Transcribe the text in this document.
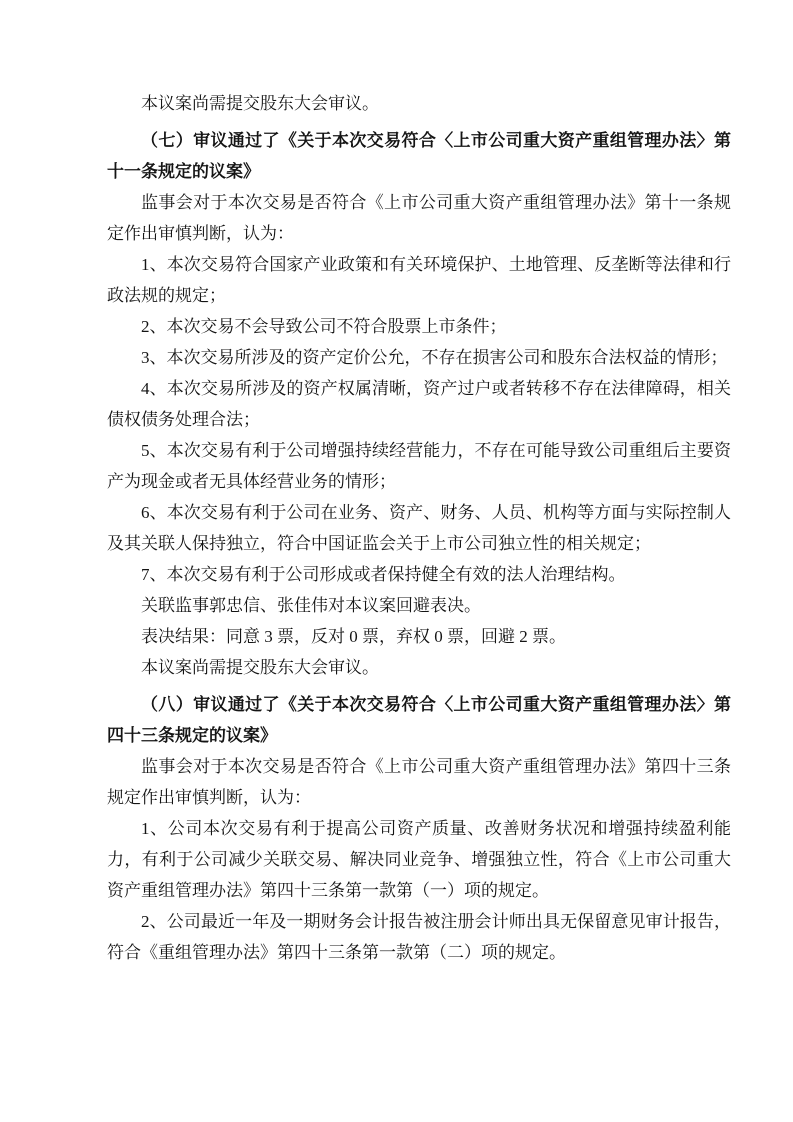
本议案尚需提交股东大会审议。

（七）审议通过了《关于本次交易符合〈上市公司重大资产重组管理办法〉第十一条规定的议案》

监事会对于本次交易是否符合《上市公司重大资产重组管理办法》第十一条规定作出审慎判断，认为：

1、本次交易符合国家产业政策和有关环境保护、土地管理、反垄断等法律和行政法规的规定；

2、本次交易不会导致公司不符合股票上市条件；

3、本次交易所涉及的资产定价公允，不存在损害公司和股东合法权益的情形；

4、本次交易所涉及的资产权属清晰，资产过户或者转移不存在法律障碍，相关债权债务处理合法；

5、本次交易有利于公司增强持续经营能力，不存在可能导致公司重组后主要资产为现金或者无具体经营业务的情形；

6、本次交易有利于公司在业务、资产、财务、人员、机构等方面与实际控制人及其关联人保持独立，符合中国证监会关于上市公司独立性的相关规定；

7、本次交易有利于公司形成或者保持健全有效的法人治理结构。

关联监事郭忠信、张佳伟对本议案回避表决。

表决结果：同意 3 票，反对 0 票，弃权 0 票，回避 2 票。

本议案尚需提交股东大会审议。

（八）审议通过了《关于本次交易符合〈上市公司重大资产重组管理办法〉第四十三条规定的议案》

监事会对于本次交易是否符合《上市公司重大资产重组管理办法》第四十三条规定作出审慎判断，认为：

1、公司本次交易有利于提高公司资产质量、改善财务状况和增强持续盈利能力，有利于公司减少关联交易、解决同业竞争、增强独立性，符合《上市公司重大资产重组管理办法》第四十三条第一款第（一）项的规定。

2、公司最近一年及一期财务会计报告被注册会计师出具无保留意见审计报告，符合《重组管理办法》第四十三条第一款第（二）项的规定。
